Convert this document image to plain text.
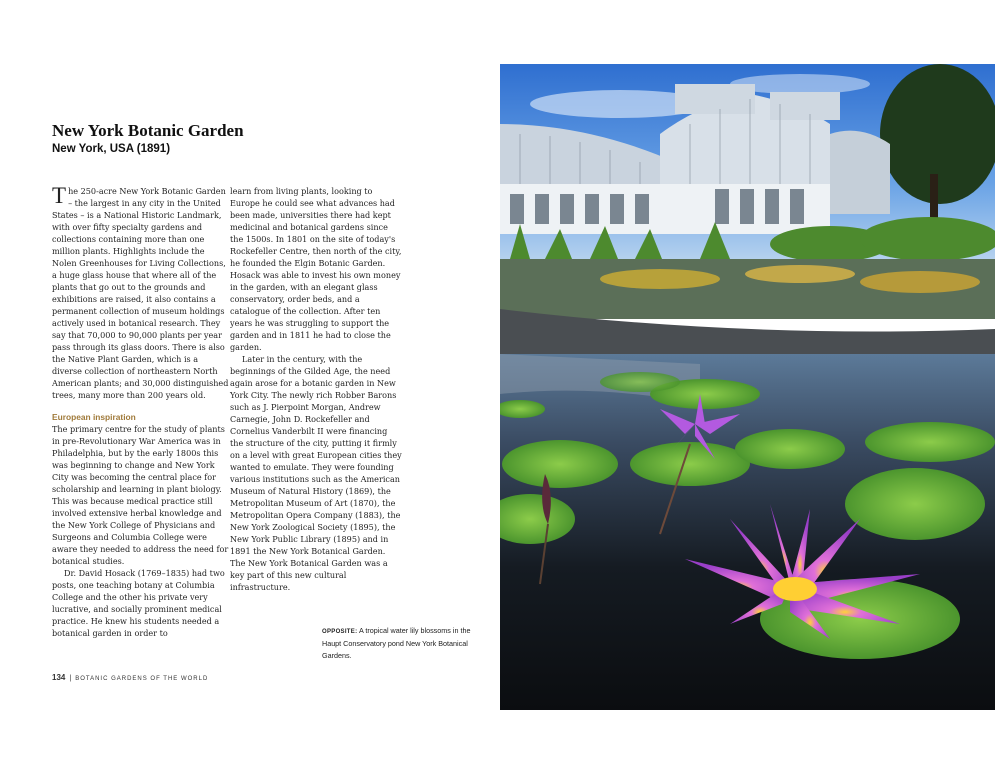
New York Botanic Garden
New York, USA (1891)

The 250-acre New York Botanic Garden – the largest in any city in the United States – is a National Historic Landmark, with over fifty specialty gardens and collections containing more than one million plants. Highlights include the Nolen Greenhouses for Living Collections, a huge glass house that where all of the plants that go out to the grounds and exhibitions are raised, it also contains a permanent collection of museum holdings actively used in botanical research. They say that 70,000 to 90,000 plants per year pass through its glass doors. There is also the Native Plant Garden, which is a diverse collection of northeastern North American plants; and 30,000 distinguished trees, many more than 200 years old.

European inspiration

The primary centre for the study of plants in pre-Revolutionary War America was in Philadelphia, but by the early 1800s this was beginning to change and New York City was becoming the central place for scholarship and learning in plant biology. This was because medical practice still involved extensive herbal knowledge and the New York College of Physicians and Surgeons and Columbia College were aware they needed to address the need for botanical studies.

Dr. David Hosack (1769–1835) had two posts, one teaching botany at Columbia College and the other his private very lucrative, and socially prominent medical practice. He knew his students needed a botanical garden in order to

learn from living plants, looking to Europe he could see what advances had been made, universities there had kept medicinal and botanical gardens since the 1500s. In 1801 on the site of today's Rockefeller Centre, then north of the city, he founded the Elgin Botanic Garden. Hosack was able to invest his own money in the garden, with an elegant glass conservatory, order beds, and a catalogue of the collection. After ten years he was struggling to support the garden and in 1811 he had to close the garden.

Later in the century, with the beginnings of the Gilded Age, the need again arose for a botanic garden in New York City. The newly rich Robber Barons such as J. Pierpoint Morgan, Andrew Carnegie, John D. Rockefeller and Cornelius Vanderbilt II were financing the structure of the city, putting it firmly on a level with great European cities they wanted to emulate. They were founding various institutions such as the American Museum of Natural History (1869), the Metropolitan Museum of Art (1870), the Metropolitan Opera Company (1883), the New York Zoological Society (1895), the New York Public Library (1895) and in 1891 the New York Botanical Garden. The New York Botanical Garden was a key part of this new cultural infrastructure.

OPPOSITE: A tropical water lily blossoms in the Haupt Conservatory pond New York Botanical Gardens.
134 | BOTANIC GARDENS OF THE WORLD
